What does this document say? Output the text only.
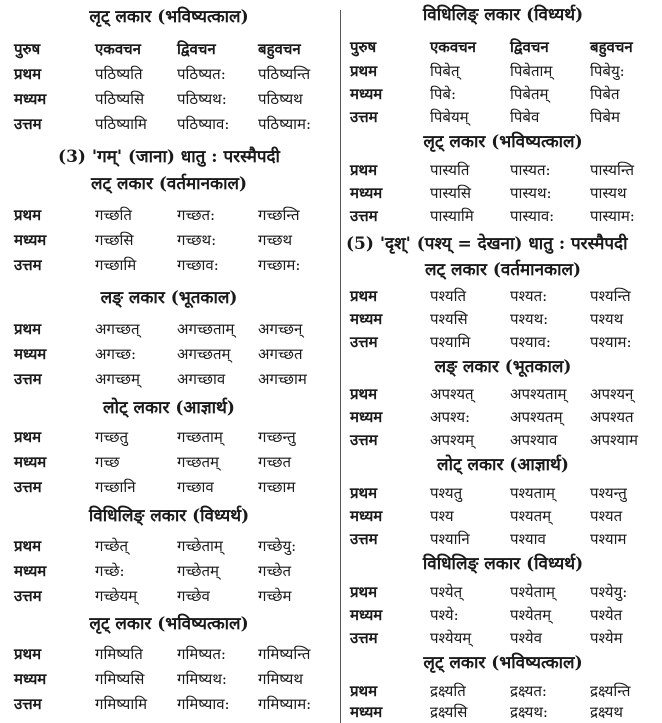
लृट् लकार (भविष्यत्काल)
पुरुष	एकवचन द्विवचन	बहुवचन
प्रथम	पठिष्यति पठिष्यत: पठिष्यन्ति
मध्यम	पठिष्यसि पठिष्यथ: पठिष्यथ
उत्तम	पठिष्यामि पठिष्याव: पठिष्याम:
(3) 'गम्' (जाना) धातु : परस्मैपदी
लट् लकार (वर्तमानकाल)
प्रथम	गच्छति	गच्छत:	गच्छन्ति
मध्यम	गच्छसि	गच्छथ:	गच्छथ
उत्तम	गच्छामि	गच्छाव:	गच्छाम:
लङ् लकार (भूतकाल)
प्रथम	अगच्छत्	अगच्छताम् अगच्छन्
मध्यम	अगच्छ:	अगच्छतम् अगच्छत
उत्तम	अगच्छम् अगच्छाव अगच्छाम
लोट् लकार (आज्ञार्थ)
प्रथम	गच्छतु	गच्छताम् गच्छन्तु
मध्यम	गच्छ	गच्छतम्	गच्छत
उत्तम	गच्छानि	गच्छाव	गच्छाम
विधिलिङ् लकार (विध्यर्थ)
प्रथम	गच्छेत्	गच्छेताम् गच्छेयु:
मध्यम	गच्छे:	गच्छेतम्	गच्छेत
उत्तम	गच्छेयम्	गच्छेव	गच्छेम
लृट् लकार (भविष्यत्काल)
प्रथम	गमिष्यति गमिष्यत: गमिष्यन्ति
मध्यम	गमिष्यसि गमिष्यथ: गमिष्यथ
उत्तम	गमिष्यामि गमिष्याव: गमिष्याम:
विधिलिङ् लकार (विध्यर्थ)
पुरुष	एकवचन द्विवचन	बहुवचन
प्रथम	पिबेत्	पिबेताम्	पिबेयु:
मध्यम	पिबे:	पिबेतम्	पिबेत
उत्तम	पिबेयम्	पिबेव	पिबेम
लृट् लकार (भविष्यत्काल)
प्रथम	पास्यति	पास्यत:	पास्यन्ति
मध्यम	पास्यसि	पास्यथ:	पास्यथ
उत्तम	पास्यामि पास्याव: पास्याम:
(5) 'दृश्' (पश्य् = देखना) धातु : परस्मैपदी
लट् लकार (वर्तमानकाल)
प्रथम	पश्यति	पश्यत:	पश्यन्ति
मध्यम	पश्यसि	पश्यथ:	पश्यथ
उत्तम	पश्यामि	पश्याव:	पश्याम:
लङ् लकार (भूतकाल)
प्रथम	अपश्यत् अपश्यताम् अपश्यन्
मध्यम	अपश्य:	अपश्यतम् अपश्यत
उत्तम	अपश्यम् अपश्याव अपश्याम
लोट् लकार (आज्ञार्थ)
प्रथम	पश्यतु	पश्यताम् पश्यन्तु
मध्यम	पश्य	पश्यतम्	पश्यत
उत्तम	पश्यानि	पश्याव	पश्याम
विधिलिङ् लकार (विध्यर्थ)
प्रथम	पश्येत्	पश्येताम् पश्येयु:
मध्यम	पश्ये:	पश्येतम्	पश्येत
उत्तम	पश्येयम्	पश्येव	पश्येम
लृट् लकार (भविष्यत्काल)
प्रथम	द्रक्ष्यति	द्रक्ष्यत:	द्रक्ष्यन्ति
मध्यम	द्रक्ष्यसि	द्रक्ष्यथ:	द्रक्ष्यथ
